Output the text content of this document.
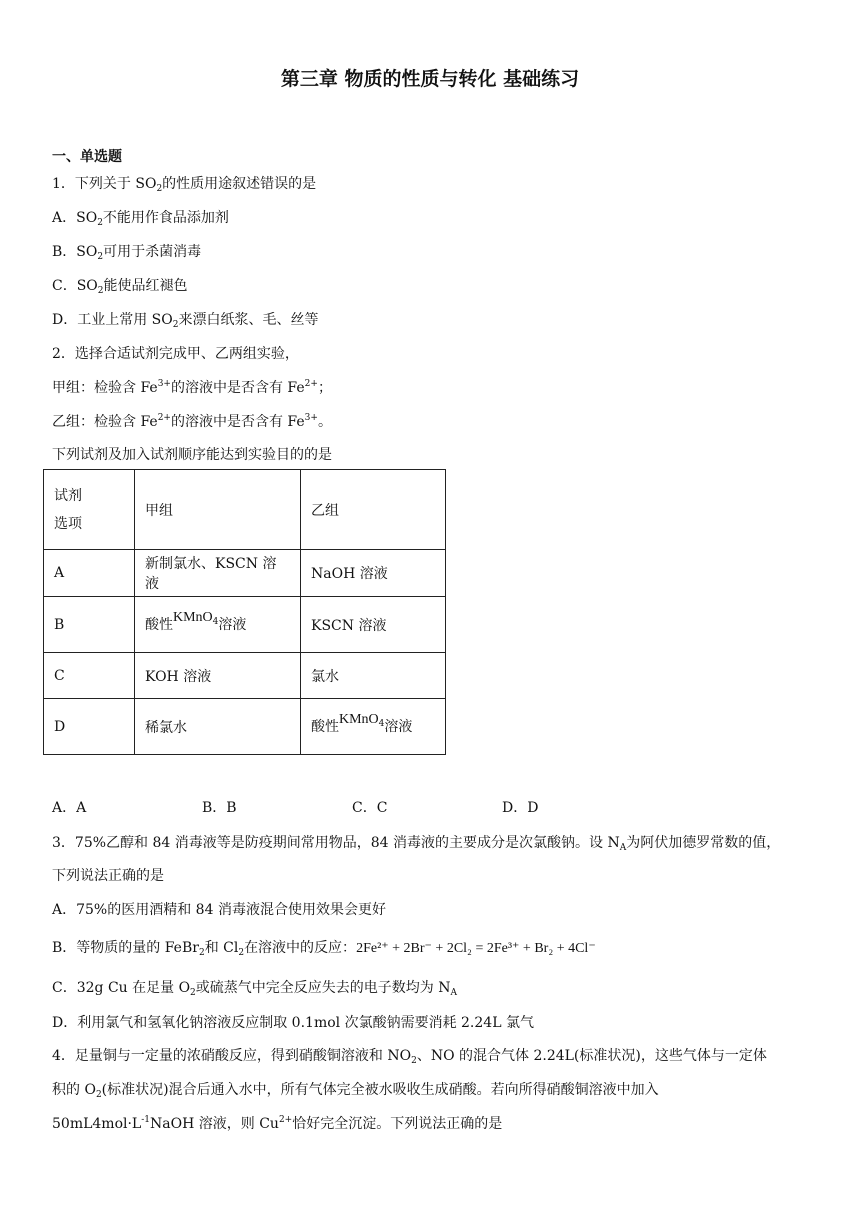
第三章 物质的性质与转化 基础练习
一、单选题
1．下列关于 $SO_2$的性质用途叙述错误的是
A．$SO_2$不能用作食品添加剂
B．$SO_2$可用于杀菌消毒
C．$SO_2$能使品红褪色
D．工业上常用 $SO_2$来漂白纸浆、毛、丝等
2．选择合适试剂完成甲、乙两组实验，
甲组：检验含 $Fe^{3+}$的溶液中是否含有 $Fe^{2+}$；
乙组：检验含 $Fe^{2+}$的溶液中是否含有 $Fe^{3+}$。
下列试剂及加入试剂顺序能达到实验目的的是
试剂
选项	甲组	乙组
A	新制氯水、KSCN 溶液	NaOH 溶液
B	酸性KMnO$_4$溶液	KSCN 溶液
C	KOH 溶液	氯水
D	稀氯水	酸性KMnO$_4$溶液
A．A	B．B	C．C	D．D
3．75%乙醇和 84 消毒液等是防疫期间常用物品，84 消毒液的主要成分是次氯酸钠。设 $N_A$为阿伏加德罗常数的值，
下列说法正确的是
A．75%的医用酒精和 84 消毒液混合使用效果会更好
B．等物质的量的 FeBr$_2$和 $Cl_2$在溶液中的反应：2Fe²⁺ + 2Br⁻ + 2Cl₂ = 2Fe³⁺ + Br₂ + 4Cl⁻
C．32g Cu 在足量 $O_2$或硫蒸气中完全反应失去的电子数均为 $N_A$
D．利用氯气和氢氧化钠溶液反应制取 0.1mol 次氯酸钠需要消耗 2.24L 氯气
4．足量铜与一定量的浓硝酸反应，得到硝酸铜溶液和 $NO_2$、NO 的混合气体 2.24L(标准状况)，这些气体与一定体
积的 $O_2$(标准状况)混合后通入水中，所有气体完全被水吸收生成硝酸。若向所得硝酸铜溶液中加入
$50mL4mol\cdot L^{-1}NaOH$ 溶液，则 $Cu^{2+}$恰好完全沉淀。下列说法正确的是
